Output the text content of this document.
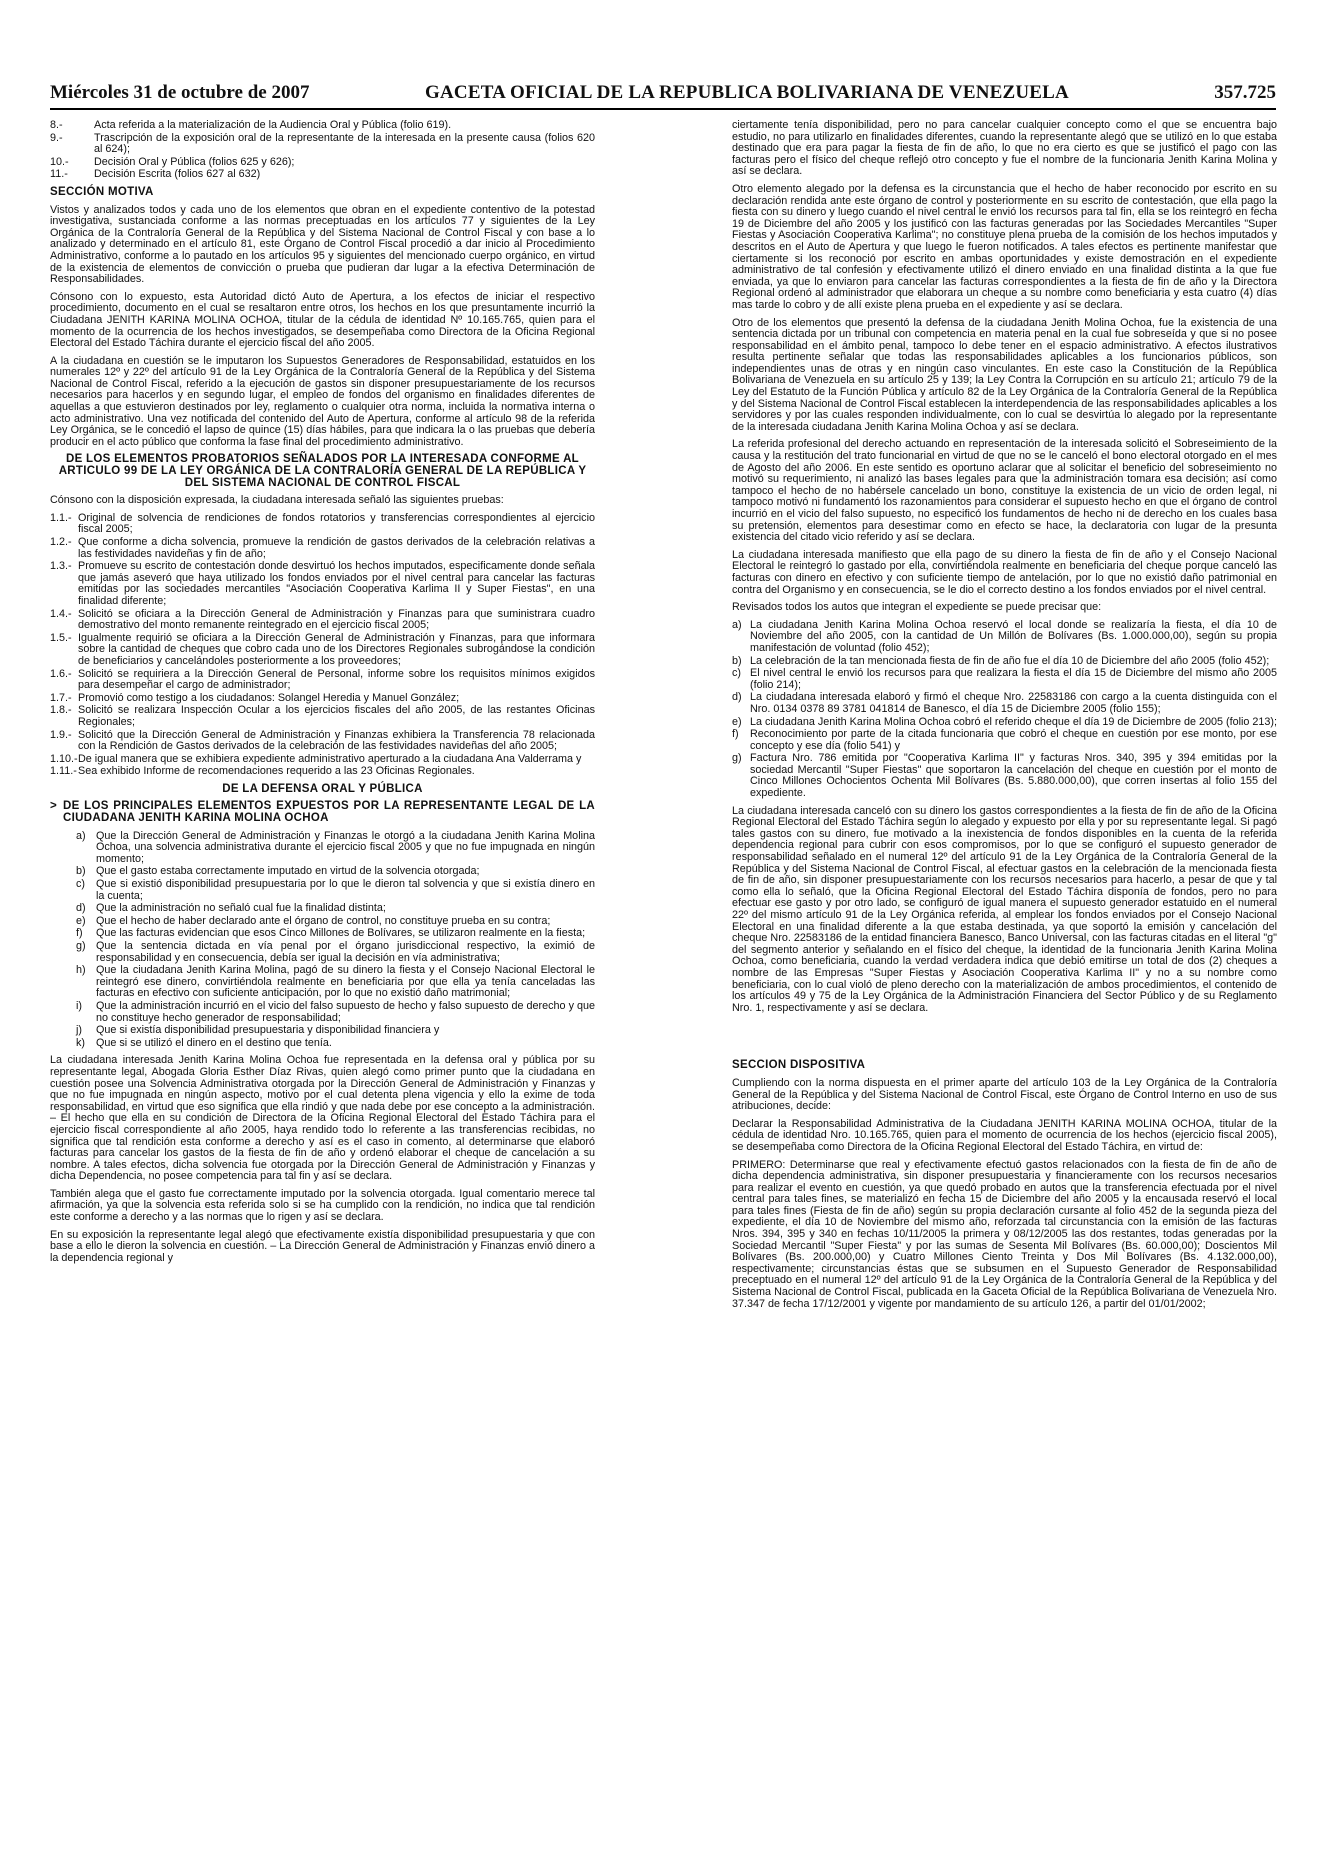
Miércoles 31 de octubre de 2007	GACETA OFICIAL DE LA REPUBLICA BOLIVARIANA DE VENEZUELA	357.725
8.-	Acta referida a la materialización de la Audiencia Oral y Pública (folio 619).
9.-	Trascripción de la exposición oral de la representante de la interesada en la presente causa (folios 620 al 624);
10.-	Decisión Oral y Pública (folios 625 y 626);
11.-	Decisión Escrita (folios 627 al 632)
SECCIÓN MOTIVA

Vistos y analizados todos y cada uno de los elementos que obran en el expediente contentivo de la potestad investigativa, sustanciada conforme a las normas preceptuadas en los artículos 77 y siguientes de la Ley Orgánica de la Contraloría General de la República y del Sistema Nacional de Control Fiscal y con base a lo analizado y determinado en el artículo 81, este Órgano de Control Fiscal procedió a dar inicio al Procedimiento Administrativo, conforme a lo pautado en los artículos 95 y siguientes del mencionado cuerpo orgánico, en virtud de la existencia de elementos de convicción o prueba que pudieran dar lugar a la efectiva Determinación de Responsabilidades.

Cónsono con lo expuesto, esta Autoridad dictó Auto de Apertura, a los efectos de iniciar el respectivo procedimiento, documento en el cual se resaltaron entre otros, los hechos en los que presuntamente incurrió la Ciudadana JENITH KARINA MOLINA OCHOA, titular de la cédula de identidad Nº 10.165.765, quien para el momento de la ocurrencia de los hechos investigados, se desempeñaba como Directora de la Oficina Regional Electoral del Estado Táchira durante el ejercicio fiscal del año 2005.

A la ciudadana en cuestión se le imputaron los Supuestos Generadores de Responsabilidad, estatuidos en los numerales 12º y 22º del artículo 91 de la Ley Orgánica de la Contraloría General de la República y del Sistema Nacional de Control Fiscal, referido a la ejecución de gastos sin disponer presupuestariamente de los recursos necesarios para hacerlos y en segundo lugar, el empleo de fondos del organismo en finalidades diferentes de aquellas a que estuvieron destinados por ley, reglamento o cualquier otra norma, incluida la normativa interna o acto administrativo. Una vez notificada del contenido del Auto de Apertura, conforme al artículo 98 de la referida Ley Orgánica, se le concedió el lapso de quince (15) días hábiles, para que indicara la o las pruebas que debería producir en el acto público que conforma la fase final del procedimiento administrativo.

DE LOS ELEMENTOS PROBATORIOS SEÑALADOS POR LA INTERESADA CONFORME AL ARTICULO 99 DE LA LEY ORGÁNICA DE LA CONTRALORÍA GENERAL DE LA REPÚBLICA Y DEL SISTEMA NACIONAL DE CONTROL FISCAL

Cónsono con la disposición expresada, la ciudadana interesada señaló las siguientes pruebas:

1.1.- Original de solvencia de rendiciones de fondos rotatorios y transferencias correspondientes al ejercicio fiscal 2005;
1.2.- Que conforme a dicha solvencia, promueve la rendición de gastos derivados de la celebración relativas a las festividades navideñas y fin de año;
1.3.- Promueve su escrito de contestación donde desvirtuó los hechos imputados, especificamente donde señala que jamás aseveró que haya utilizado los fondos enviados por el nivel central para cancelar las facturas emitidas por las sociedades mercantiles "Asociación Cooperativa Karlima II y Super Fiestas", en una finalidad diferente;
1.4.- Solicitó se oficiara a la Dirección General de Administración y Finanzas para que suministrara cuadro demostrativo del monto remanente reintegrado en el ejercicio fiscal 2005;
1.5.- Igualmente requirió se oficiara a la Dirección General de Administración y Finanzas, para que informara sobre la cantidad de cheques que cobro cada uno de los Directores Regionales subrogándose la condición de beneficiarios y cancelándoles posteriormente a los proveedores;
1.6.- Solicitó se requiriera a la Dirección General de Personal, informe sobre los requisitos mínimos exigidos para desempeñar el cargo de administrador;
1.7.- Promovió como testigo a los ciudadanos: Solangel Heredia y Manuel González;
1.8.- Solicitó se realizara Inspección Ocular a los ejercicios fiscales del año 2005, de las restantes Oficinas Regionales;
1.9.- Solicitó que la Dirección General de Administración y Finanzas exhibiera la Transferencia 78 relacionada con la Rendición de Gastos derivados de la celebración de las festividades navideñas del año 2005;
1.10.- De igual manera que se exhibiera expediente administrativo aperturado a la ciudadana Ana Valderrama y
1.11.- Sea exhibido Informe de recomendaciones requerido a las 23 Oficinas Regionales.
DE LA DEFENSA ORAL Y PÚBLICA
> DE LOS PRINCIPALES ELEMENTOS EXPUESTOS POR LA REPRESENTANTE LEGAL DE LA CIUDADANA JENITH KARINA MOLINA OCHOA
a) Que la Dirección General de Administración y Finanzas le otorgó a la ciudadana Jenith Karina Molina Ochoa, una solvencia administrativa durante el ejercicio fiscal 2005 y que no fue impugnada en ningún momento;
b) Que el gasto estaba correctamente imputado en virtud de la solvencia otorgada;
c)	Que si existió disponibilidad presupuestaria por lo que le dieron tal solvencia y que si existía dinero en la cuenta;
d) Que la administración no señaló cual fue la finalidad distinta;
e) Que el hecho de haber declarado ante el órgano de control, no constituye prueba en su contra;
f)	Que las facturas evidencian que esos Cinco Millones de Bolívares, se utilizaron realmente en la fiesta;
g) Que la sentencia dictada en vía penal por el órgano jurisdiccional respectivo, la eximió de responsabilidad y en consecuencia, debía ser igual la decisión en vía administrativa;
h) Que la ciudadana Jenith Karina Molina, pagó de su dinero la fiesta y el Consejo Nacional Electoral le reintegró ese dinero, convirtiéndola realmente en beneficiaria por que ella ya tenía canceladas las facturas en efectivo con suficiente anticipación, por lo que no existió daño matrimonial;
i)	Que la administración incurrió en el vicio del falso supuesto de hecho y falso supuesto de derecho y que no constituye hecho generador de responsabilidad;
j)	Que si existía disponibilidad presupuestaria y disponibilidad financiera y
k)	Que si se utilizó el dinero en el destino que tenía.

La ciudadana interesada Jenith Karina Molina Ochoa fue representada en la defensa oral y pública por su representante legal, Abogada Gloria Esther Díaz Rivas, quien alegó como primer punto que la ciudadana en cuestión posee una Solvencia Administrativa otorgada por la Dirección General de Administración y Finanzas y que no fue impugnada en ningún aspecto, motivo por el cual detenta plena vigencia y ello la exime de toda responsabilidad, en virtud que eso significa que ella rindió y que nada debe por ese concepto a la administración. – El hecho que ella en su condición de Directora de la Oficina Regional Electoral del Estado Táchira para el ejercicio fiscal correspondiente al año 2005, haya rendido todo lo referente a las transferencias recibidas, no significa que tal rendición esta conforme a derecho y así es el caso in comento, al determinarse que elaboró facturas para cancelar los gastos de la fiesta de fin de año y ordenó elaborar el cheque de cancelación a su nombre. A tales efectos, dicha solvencia fue otorgada por la Dirección General de Administración y Finanzas y dicha Dependencia, no posee competencia para tal fin y así se declara.

También alega que el gasto fue correctamente imputado por la solvencia otorgada. Igual comentario merece tal afirmación, ya que la solvencia esta referida solo si se ha cumplido con la rendición, no indica que tal rendición este conforme a derecho y a las normas que lo rigen y así se declara.

En su exposición la representante legal alegó que efectivamente existía disponibilidad presupuestaria y que con base a ello le dieron la solvencia en cuestión. – La Dirección General de Administración y Finanzas envió dinero a la dependencia regional y

ciertamente tenía disponibilidad, pero no para cancelar cualquier concepto como el que se encuentra bajo estudio, no para utilizarlo en finalidades diferentes, cuando la representante alegó que se utilizó en lo que estaba destinado que era para pagar la fiesta de fin de año, lo que no era cierto es que se justificó el pago con las facturas pero el físico del cheque reflejó otro concepto y fue el nombre de la funcionaria Jenith Karina Molina y así se declara.

Otro elemento alegado por la defensa es la circunstancia que el hecho de haber reconocido por escrito en su declaración rendida ante este órgano de control y posteriormente en su escrito de contestación, que ella pago la fiesta con su dinero y luego cuando el nivel central le envió los recursos para tal fin, ella se los reintegró en fecha 19 de Diciembre del año 2005 y los justificó con las facturas generadas por las Sociedades Mercantiles "Super Fiestas y Asociación Cooperativa Karlima"; no constituye plena prueba de la comisión de los hechos imputados y descritos en el Auto de Apertura y que luego le fueron notificados. A tales efectos es pertinente manifestar que ciertamente si los reconoció por escrito en ambas oportunidades y existe demostración en el expediente administrativo de tal confesión y efectivamente utilizó el dinero enviado en una finalidad distinta a la que fue enviada, ya que lo enviaron para cancelar las facturas correspondientes a la fiesta de fin de año y la Directora Regional ordenó al administrador que elaborara un cheque a su nombre como beneficiaria y esta cuatro (4) días mas tarde lo cobro y de allí existe plena prueba en el expediente y así se declara.

Otro de los elementos que presentó la defensa de la ciudadana Jenith Molina Ochoa, fue la existencia de una sentencia dictada por un tribunal con competencia en materia penal en la cual fue sobreseída y que si no posee responsabilidad en el ámbito penal, tampoco lo debe tener en el espacio administrativo. A efectos ilustrativos resulta pertinente señalar que todas las responsabilidades aplicables a los funcionarios públicos, son independientes unas de otras y en ningún caso vinculantes. En este caso la Constitución de la República Bolivariana de Venezuela en su artículo 25 y 139; la Ley Contra la Corrupción en su artículo 21; artículo 79 de la Ley del Estatuto de la Función Pública y artículo 82 de la Ley Orgánica de la Contraloría General de la República y del Sistema Nacional de Control Fiscal establecen la interdependencia de las responsabilidades aplicables a los servidores y por las cuales responden individualmente, con lo cual se desvirtúa lo alegado por la representante de la interesada ciudadana Jenith Karina Molina Ochoa y así se declara.

La referida profesional del derecho actuando en representación de la interesada solicitó el Sobreseimiento de la causa y la restitución del trato funcionarial en virtud de que no se le canceló el bono electoral otorgado en el mes de Agosto del año 2006. En este sentido es oportuno aclarar que al solicitar el beneficio del sobreseimiento no motivó su requerimiento, ni analizó las bases legales para que la administración tomara esa decisión; así como tampoco el hecho de no habérsele cancelado un bono, constituye la existencia de un vicio de orden legal, ni tampoco motivó ni fundamentó los razonamientos para considerar el supuesto hecho en que el órgano de control incurrió en el vicio del falso supuesto, no especificó los fundamentos de hecho ni de derecho en los cuales basa su pretensión, elementos para desestimar como en efecto se hace, la declaratoria con lugar de la presunta existencia del citado vicio referido y así se declara.

La ciudadana interesada manifiesto que ella pago de su dinero la fiesta de fin de año y el Consejo Nacional Electoral le reintegró lo gastado por ella, convirtiéndola realmente en beneficiaria del cheque porque canceló las facturas con dinero en efectivo y con suficiente tiempo de antelación, por lo que no existió daño patrimonial en contra del Organismo y en consecuencia, se le dio el correcto destino a los fondos enviados por el nivel central.

Revisados todos los autos que integran el expediente se puede precisar que:

a) La ciudadana Jenith Karina Molina Ochoa reservó el local donde se realizaría la fiesta, el día 10 de Noviembre del año 2005, con la cantidad de Un Millón de Bolívares (Bs. 1.000.000,00), según su propia manifestación de voluntad (folio 452);
b) La celebración de la tan mencionada fiesta de fin de año fue el día 10 de Diciembre del año 2005 (folio 452);
c) El nivel central le envió los recursos para que realizara la fiesta el día 15 de Diciembre del mismo año 2005 (folio 214);
d) La ciudadana interesada elaboró y firmó el cheque Nro. 22583186 con cargo a la cuenta distinguida con el Nro. 0134 0378 89 3781 041814 de Banesco, el día 15 de Diciembre 2005 (folio 155);
e) La ciudadana Jenith Karina Molina Ochoa cobró el referido cheque el día 19 de Diciembre de 2005 (folio 213);
f)	Reconocimiento por parte de la citada funcionaria que cobró el cheque en cuestión por ese monto, por ese concepto y ese día (folio 541) y
g) Factura Nro. 786 emitida por "Cooperativa Karlima II" y facturas Nros. 340, 395 y 394 emitidas por la sociedad Mercantil "Super Fiestas" que soportaron la cancelación del cheque en cuestión por el monto de Cinco Millones Ochocientos Ochenta Mil Bolívares (Bs. 5.880.000,00), que corren insertas al folio 155 del expediente.

La ciudadana interesada canceló con su dinero los gastos correspondientes a la fiesta de fin de año de la Oficina Regional Electoral del Estado Táchira según lo alegado y expuesto por ella y por su representante legal. Si pagó tales gastos con su dinero, fue motivado a la inexistencia de fondos disponibles en la cuenta de la referida dependencia regional para cubrir con esos compromisos, por lo que se configuró el supuesto generador de responsabilidad señalado en el numeral 12º del artículo 91 de la Ley Orgánica de la Contraloría General de la República y del Sistema Nacional de Control Fiscal, al efectuar gastos en la celebración de la mencionada fiesta de fin de año, sin disponer presupuestariamente con los recursos necesarios para hacerlo, a pesar de que y tal como ella lo señaló, que la Oficina Regional Electoral del Estado Táchira disponía de fondos, pero no para efectuar ese gasto y por otro lado, se configuró de igual manera el supuesto generador estatuido en el numeral 22º del mismo artículo 91 de la Ley Orgánica referida, al emplear los fondos enviados por el Consejo Nacional Electoral en una finalidad diferente a la que estaba destinada, ya que soportó la emisión y cancelación del cheque Nro. 22583186 de la entidad financiera Banesco, Banco Universal, con las facturas citadas en el literal "g" del segmento anterior y señalando en el físico del cheque, la identidad de la funcionaria Jenith Karina Molina Ochoa, como beneficiaria, cuando la verdad verdadera indica que debió emitirse un total de dos (2) cheques a nombre de las Empresas "Super Fiestas y Asociación Cooperativa Karlima II" y no a su nombre como beneficiaria, con lo cual violó de pleno derecho con la materialización de ambos procedimientos, el contenido de los artículos 49 y 75 de la Ley Orgánica de la Administración Financiera del Sector Público y de su Reglamento Nro. 1, respectivamente y así se declara.

SECCION DISPOSITIVA

Cumpliendo con la norma dispuesta en el primer aparte del artículo 103 de la Ley Orgánica de la Contraloría General de la República y del Sistema Nacional de Control Fiscal, este Órgano de Control Interno en uso de sus atribuciones, decide:

Declarar la Responsabilidad Administrativa de la Ciudadana JENITH KARINA MOLINA OCHOA, titular de la cédula de identidad Nro. 10.165.765, quien para el momento de ocurrencia de los hechos (ejercicio fiscal 2005), se desempeñaba como Directora de la Oficina Regional Electoral del Estado Táchira, en virtud de:

PRIMERO: Determinarse que real y efectivamente efectuó gastos relacionados con la fiesta de fin de año de dicha dependencia administrativa, sin disponer presupuestaria y financieramente con los recursos necesarios para realizar el evento en cuestión, ya que quedó probado en autos que la transferencia efectuada por el nivel central para tales fines, se materializó en fecha 15 de Diciembre del año 2005 y la encausada reservó el local para tales fines (Fiesta de fin de año) según su propia declaración cursante al folio 452 de la segunda pieza del expediente, el día 10 de Noviembre del mismo año, reforzada tal circunstancia con la emisión de las facturas Nros. 394, 395 y 340 en fechas 10/11/2005 la primera y 08/12/2005 las dos restantes, todas generadas por la Sociedad Mercantil "Super Fiesta" y por las sumas de Sesenta Mil Bolívares (Bs. 60.000,00); Doscientos Mil Bolívares (Bs. 200.000,00) y Cuatro Millones Ciento Treinta y Dos Mil Bolívares (Bs. 4.132.000,00), respectivamente; circunstancias éstas que se subsumen en el Supuesto Generador de Responsabilidad preceptuado en el numeral 12º del artículo 91 de la Ley Orgánica de la Contraloría General de la República y del Sistema Nacional de Control Fiscal, publicada en la Gaceta Oficial de la República Bolivariana de Venezuela Nro. 37.347 de fecha 17/12/2001 y vigente por mandamiento de su artículo 126, a partir del 01/01/2002;
